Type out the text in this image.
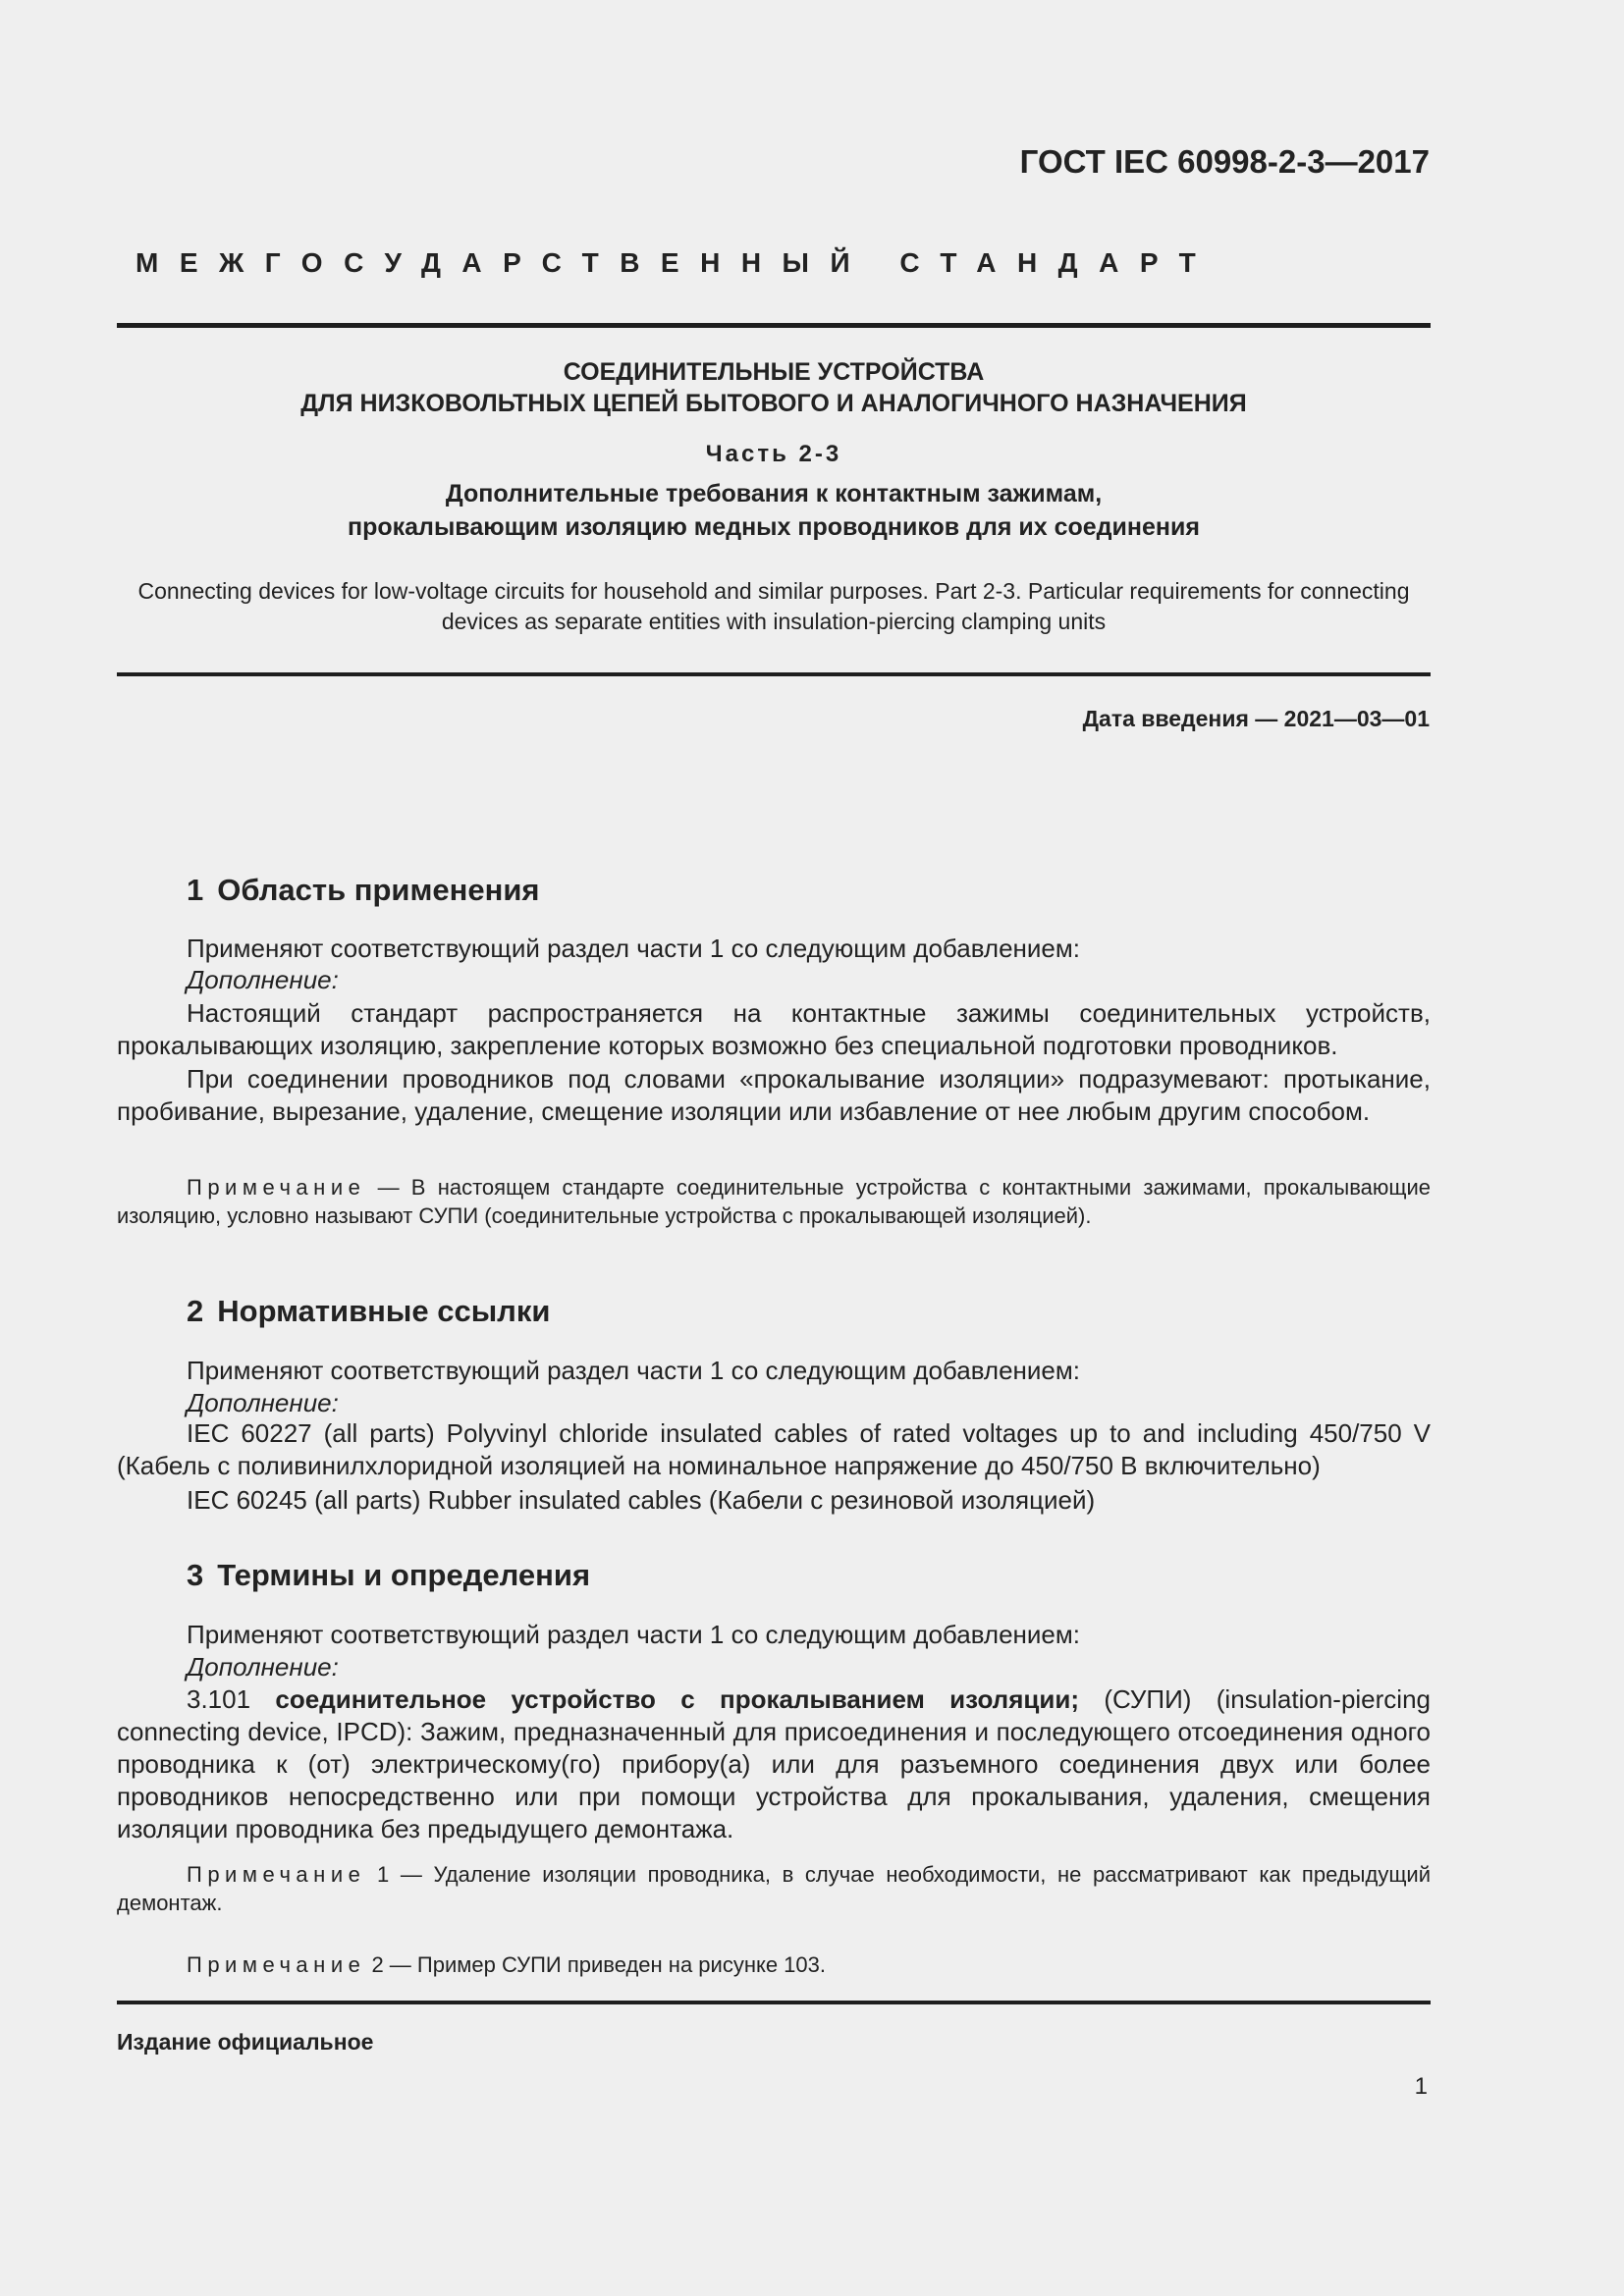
ГОСТ IEC 60998-2-3—2017
МЕЖГОСУДАРСТВЕННЫЙ СТАНДАРТ
СОЕДИНИТЕЛЬНЫЕ УСТРОЙСТВА
ДЛЯ НИЗКОВОЛЬТНЫХ ЦЕПЕЙ БЫТОВОГО И АНАЛОГИЧНОГО НАЗНАЧЕНИЯ
Часть 2-3
Дополнительные требования к контактным зажимам,
прокалывающим изоляцию медных проводников для их соединения
Connecting devices for low-voltage circuits for household and similar purposes. Part 2-3. Particular requirements for connecting devices as separate entities with insulation-piercing clamping units
Дата введения — 2021—03—01
1 Область применения
Применяют соответствующий раздел части 1 со следующим добавлением:
Дополнение:
Настоящий стандарт распространяется на контактные зажимы соединительных устройств, прокалывающих изоляцию, закрепление которых возможно без специальной подготовки проводников.
При соединении проводников под словами «прокалывание изоляции» подразумевают: протыкание, пробивание, вырезание, удаление, смещение изоляции или избавление от нее любым другим способом.
Примечание — В настоящем стандарте соединительные устройства с контактными зажимами, прокалывающие изоляцию, условно называют СУПИ (соединительные устройства с прокалывающей изоляцией).
2 Нормативные ссылки
Применяют соответствующий раздел части 1 со следующим добавлением:
Дополнение:
IEC 60227 (all parts) Polyvinyl chloride insulated cables of rated voltages up to and including 450/750 V (Кабель с поливинилхлоридной изоляцией на номинальное напряжение до 450/750 В включительно)
IEC 60245 (all parts) Rubber insulated cables (Кабели с резиновой изоляцией)
3 Термины и определения
Применяют соответствующий раздел части 1 со следующим добавлением:
Дополнение:
3.101 соединительное устройство с прокалыванием изоляции; (СУПИ) (insulation-piercing connecting device, IPCD): Зажим, предназначенный для присоединения и последующего отсоединения одного проводника к (от) электрическому(го) прибору(а) или для разъемного соединения двух или более проводников непосредственно или при помощи устройства для прокалывания, удаления, смещения изоляции проводника без предыдущего демонтажа.
Примечание 1 — Удаление изоляции проводника, в случае необходимости, не рассматривают как предыдущий демонтаж.
Примечание 2 — Пример СУПИ приведен на рисунке 103.
Издание официальное
1
